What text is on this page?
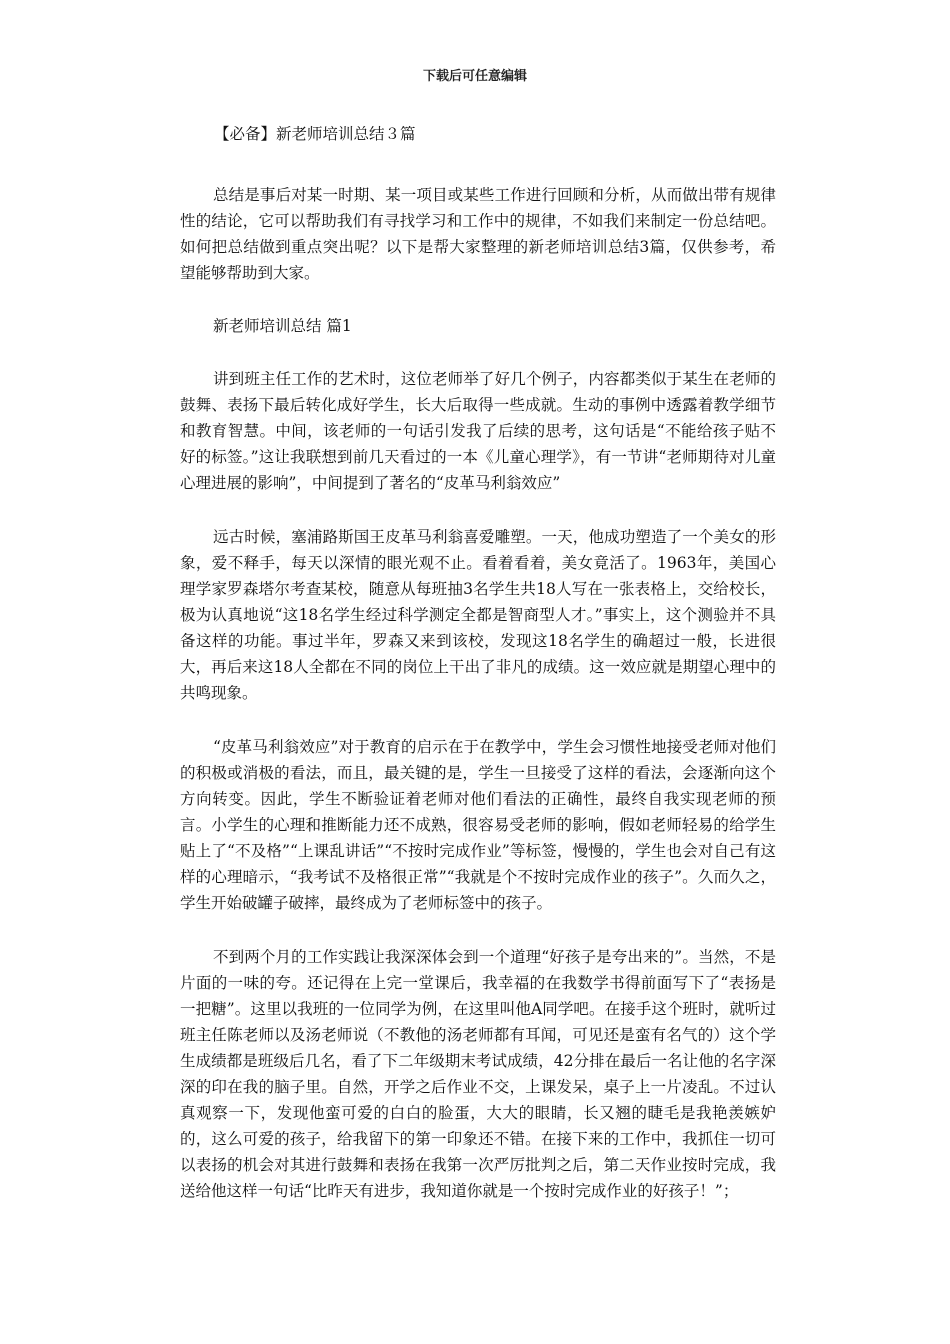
下载后可任意编辑
【必备】新老师培训总结３篇

总结是事后对某一时期、某一项目或某些工作进行回顾和分析，从而做出带有规律性的结论，它可以帮助我们有寻找学习和工作中的规律，不如我们来制定一份总结吧。如何把总结做到重点突出呢？以下是帮大家整理的新老师培训总结3篇，仅供参考，希望能够帮助到大家。

新老师培训总结 篇1

讲到班主任工作的艺术时，这位老师举了好几个例子，内容都类似于某生在老师的鼓舞、表扬下最后转化成好学生，长大后取得一些成就。生动的事例中透露着教学细节和教育智慧。中间，该老师的一句话引发我了后续的思考，这句话是“不能给孩子贴不好的标签。”这让我联想到前几天看过的一本《儿童心理学》，有一节讲“老师期待对儿童心理进展的影响”，中间提到了著名的“皮革马利翁效应”

远古时候，塞浦路斯国王皮革马利翁喜爱雕塑。一天，他成功塑造了一个美女的形象，爱不释手，每天以深情的眼光观不止。看着看着，美女竟活了。1963年，美国心理学家罗森塔尔考查某校，随意从每班抽3名学生共18人写在一张表格上，交给校长，极为认真地说“这18名学生经过科学测定全都是智商型人才。”事实上，这个测验并不具备这样的功能。事过半年，罗森又来到该校，发现这18名学生的确超过一般，长进很大，再后来这18人全都在不同的岗位上干出了非凡的成绩。这一效应就是期望心理中的共鸣现象。

“皮革马利翁效应”对于教育的启示在于在教学中，学生会习惯性地接受老师对他们的积极或消极的看法，而且，最关键的是，学生一旦接受了这样的看法，会逐渐向这个方向转变。因此，学生不断验证着老师对他们看法的正确性，最终自我实现老师的预言。小学生的心理和推断能力还不成熟，很容易受老师的影响，假如老师轻易的给学生贴上了“不及格”“上课乱讲话”“不按时完成作业”等标签，慢慢的，学生也会对自己有这样的心理暗示，“我考试不及格很正常”“我就是个不按时完成作业的孩子”。久而久之，学生开始破罐子破摔，最终成为了老师标签中的孩子。

不到两个月的工作实践让我深深体会到一个道理“好孩子是夸出来的”。当然，不是片面的一味的夸。还记得在上完一堂课后，我幸福的在我数学书得前面写下了“表扬是一把糖”。这里以我班的一位同学为例，在这里叫他A同学吧。在接手这个班时，就听过班主任陈老师以及汤老师说（不教他的汤老师都有耳闻，可见还是蛮有名气的）这个学生成绩都是班级后几名，看了下二年级期末考试成绩，42分排在最后一名让他的名字深深的印在我的脑子里。自然，开学之后作业不交，上课发呆，桌子上一片凌乱。不过认真观察一下，发现他蛮可爱的白白的脸蛋，大大的眼睛，长又翘的睫毛是我艳羡嫉妒的，这么可爱的孩子，给我留下的第一印象还不错。在接下来的工作中，我抓住一切可以表扬的机会对其进行鼓舞和表扬在我第一次严厉批判之后，第二天作业按时完成，我送给他这样一句话“比昨天有进步，我知道你就是一个按时完成作业的好孩子！”；
